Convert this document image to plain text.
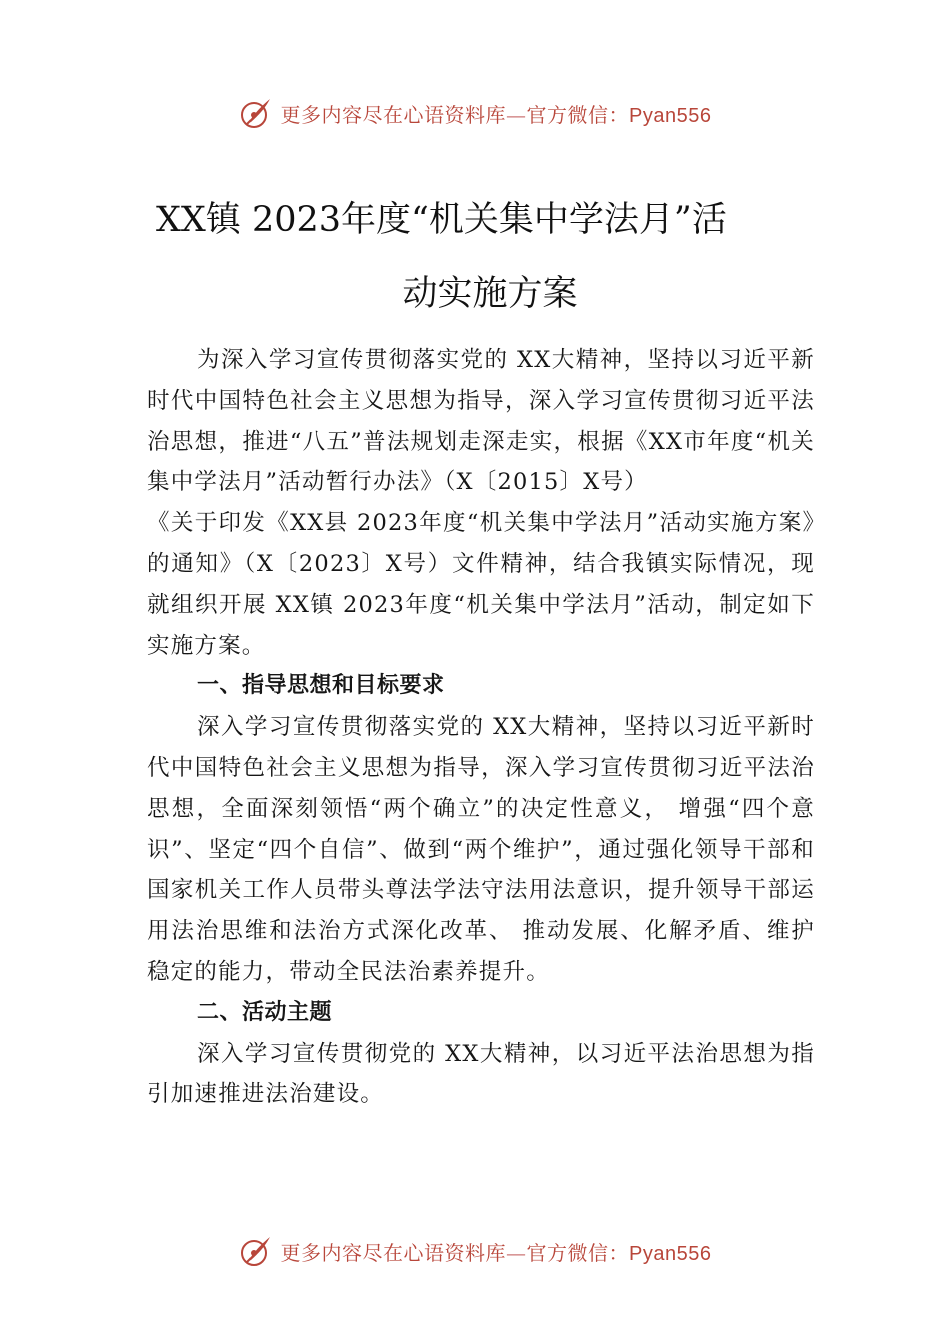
更多内容尽在心语资料库—官方微信：Pyan556
XX镇 2023年度“机关集中学法月”活
动实施方案

为深入学习宣传贯彻落实党的 XX大精神，坚持以习近平新时代中国特色社会主义思想为指导，深入学习宣传贯彻习近平法治思想，推进“八五”普法规划走深走实，根据《XX市年度“机关集中学法月”活动暂行办法》（X〔2015〕X号）

《关于印发《XX县 2023年度“机关集中学法月”活动实施方案》的通知》（X〔2023〕X号）文件精神，结合我镇实际情况，现就组织开展 XX镇 2023年度“机关集中学法月”活动，制定如下实施方案。

一、指导思想和目标要求

深入学习宣传贯彻落实党的 XX大精神，坚持以习近平新时代中国特色社会主义思想为指导，深入学习宣传贯彻习近平法治思想，全面深刻领悟“两个确立”的决定性意义， 增强“四个意识”、坚定“四个自信”、做到“两个维护”，通过强化领导干部和国家机关工作人员带头尊法学法守法用法意识，提升领导干部运用法治思维和法治方式深化改革、 推动发展、化解矛盾、维护稳定的能力，带动全民法治素养提升。

二、活动主题

深入学习宣传贯彻党的 XX大精神，以习近平法治思想为指引加速推进法治建设。

更多内容尽在心语资料库—官方微信：Pyan556
